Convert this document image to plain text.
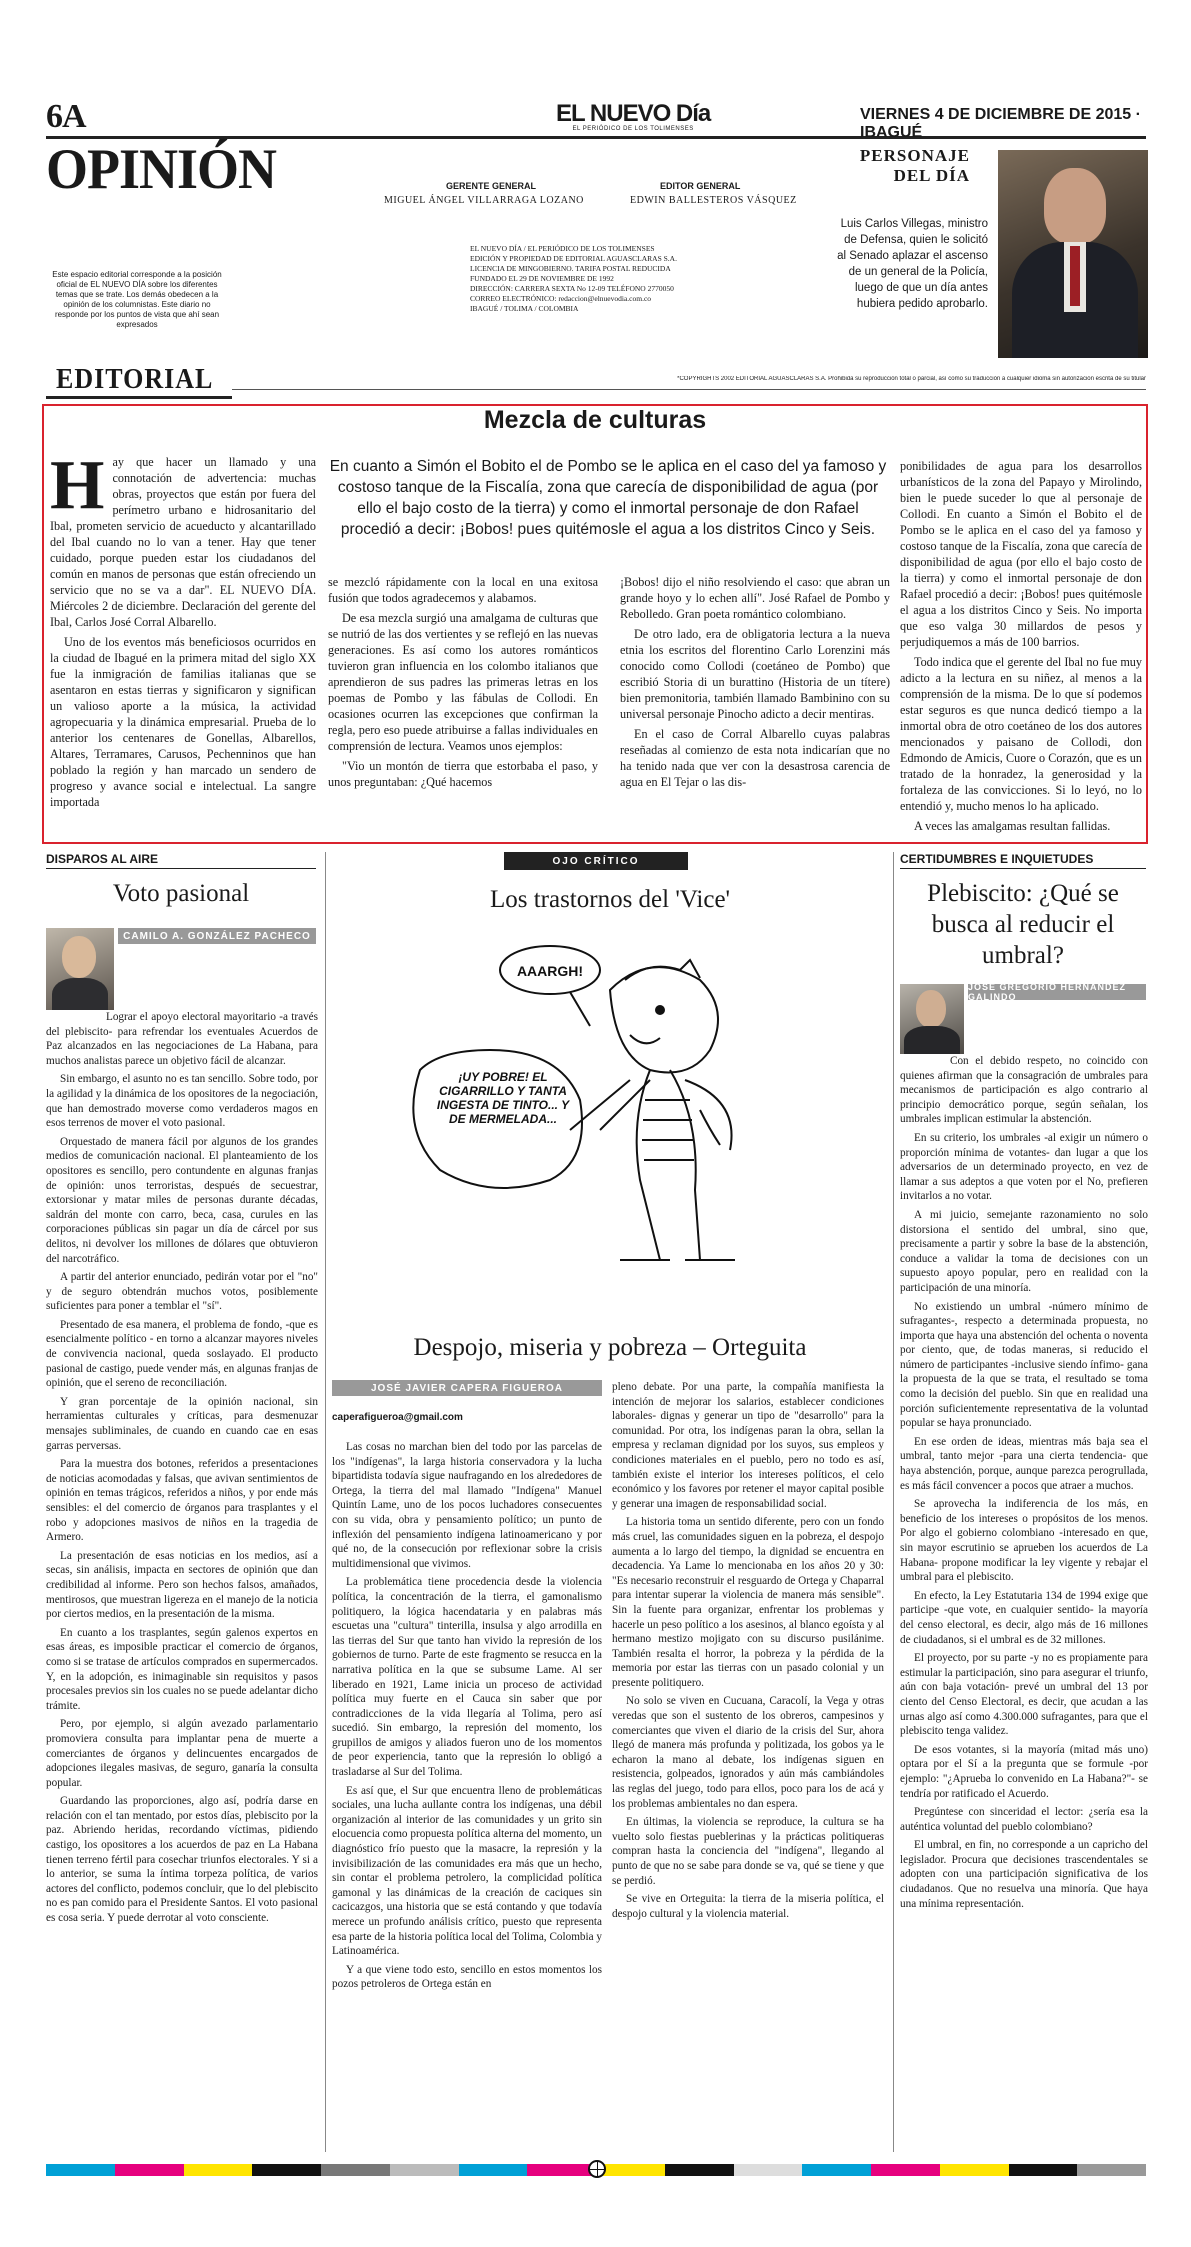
6A	EL NUEVO Día
EL PERIÓDICO DE LOS TOLIMENSES
VIERNES 4 DE DICIEMBRE DE 2015 · IBAGUÉ
OPINIÓN	GERENTE GENERAL
MIGUEL ÁNGEL VILLARRAGA LOZANO
EDITOR GENERAL
EDWIN BALLESTEROS VÁSQUEZ
EL NUEVO DÍA / EL PERIÓDICO DE LOS TOLIMENSES
EDICIÓN Y PROPIEDAD DE EDITORIAL AGUASCLARAS S.A.
LICENCIA DE MINGOBIERNO. TARIFA POSTAL REDUCIDA
FUNDADO EL 29 DE NOVIEMBRE DE 1992
DIRECCIÓN: CARRERA SEXTA No 12-09 TELÉFONO 2770050
CORREO ELECTRÓNICO: redaccion@elnuevodia.com.co
IBAGUÉ / TOLIMA / COLOMBIA
Este espacio editorial corresponde a la posición oficial de EL NUEVO DÍA sobre los diferentes temas que se trate. Los demás obedecen a la opinión de los columnistas. Este diario no responde por los puntos de vista que ahí sean expresados
PERSONAJE DEL DÍA
Luis Carlos Villegas, ministro de Defensa, quien le solicitó al Senado aplazar el ascenso de un general de la Policía, luego de que un día antes hubiera pedido aprobarlo.
EDITORIAL	*COPYRIGHTS 2002 EDITORIAL AGUASCLARAS S.A. Prohibida su reproducción total o parcial, así como su traducción a cualquier idioma sin autorización escrita de su titular
Mezcla de culturas
H ay que hacer un llamado y una connotación de advertencia: muchas obras, proyectos que están por fuera del perímetro urbano e hidrosanitario del Ibal, prometen servicio de acueducto y alcantarillado del Ibal cuando no lo van a tener. Hay que tener cuidado, porque pueden estar los ciudadanos del común en manos de personas que están ofreciendo un servicio que no se va a dar". EL NUEVO DÍA. Miércoles 2 de diciembre. Declaración del gerente del Ibal, Carlos José Corral Albarello.

Uno de los eventos más beneficiosos ocurridos en la ciudad de Ibagué en la primera mitad del siglo XX fue la inmigración de familias italianas que se asentaron en estas tierras y significaron y significan un valioso aporte a la música, la actividad agropecuaria y la dinámica empresarial. Prueba de lo anterior los centenares de Gonellas, Albarellos, Altares, Terramares, Carusos, Pechenninos que han poblado la región y han marcado un sendero de progreso y avance social e intelectual. La sangre importada

En cuanto a Simón el Bobito el de Pombo se le aplica en el caso del ya famoso y costoso tanque de la Fiscalía, zona que carecía de disponibilidad de agua (por ello el bajo costo de la tierra) y como el inmortal personaje de don Rafael procedió a decir: ¡Bobos! pues quitémosle el agua a los distritos Cinco y Seis.

se mezcló rápidamente con la local en una exitosa fusión que todos agradecemos y alabamos.

De esa mezcla surgió una amalgama de culturas que se nutrió de las dos vertientes y se reflejó en las nuevas generaciones. Es así como los autores románticos tuvieron gran influencia en los colombo italianos que aprendieron de sus padres las primeras letras en los poemas de Pombo y las fábulas de Collodi. En ocasiones ocurren las excepciones que confirman la regla, pero eso puede atribuirse a fallas individuales en comprensión de lectura. Veamos unos ejemplos:

"Vio un montón de tierra que estorbaba el paso, y unos preguntaban: ¿Qué hacemos

¡Bobos! dijo el niño resolviendo el caso: que abran un grande hoyo y lo echen allí". José Rafael de Pombo y Rebolledo. Gran poeta romántico colombiano.

De otro lado, era de obligatoria lectura a la nueva etnia los escritos del florentino Carlo Lorenzini más conocido como Collodi (coetáneo de Pombo) que escribió Storia di un burattino (Historia de un títere) bien premonitoria, también llamado Bambinino con su universal personaje Pinocho adicto a decir mentiras.

En el caso de Corral Albarello cuyas palabras reseñadas al comienzo de esta nota indicarían que no ha tenido nada que ver con la desastrosa carencia de agua en El Tejar o las dis-

ponibilidades de agua para los desarrollos urbanísticos de la zona del Papayo y Mirolindo, bien le puede suceder lo que al personaje de Collodi. En cuanto a Simón el Bobito el de Pombo se le aplica en el caso del ya famoso y costoso tanque de la Fiscalía, zona que carecía de disponibilidad de agua (por ello el bajo costo de la tierra) y como el inmortal personaje de don Rafael procedió a decir: ¡Bobos! pues quitémosle el agua a los distritos Cinco y Seis. No importa que eso valga 30 millardos de pesos y perjudiquemos a más de 100 barrios.

Todo indica que el gerente del Ibal no fue muy adicto a la lectura en su niñez, al menos a la comprensión de la misma. De lo que sí podemos estar seguros es que nunca dedicó tiempo a la inmortal obra de otro coetáneo de los dos autores mencionados y paisano de Collodi, don Edmondo de Amicis, Cuore o Corazón, que es un tratado de la honradez, la generosidad y la fortaleza de las convicciones. Si lo leyó, no lo entendió y, mucho menos lo ha aplicado.

A veces las amalgamas resultan fallidas.

DISPAROS AL AIRE
Voto pasional
CAMILO A. GONZÁLEZ PACHECO

Lograr el apoyo electoral mayoritario -a través del plebiscito- para refrendar los eventuales Acuerdos de Paz alcanzados en las negociaciones de La Habana, para muchos analistas parece un objetivo fácil de alcanzar.

Sin embargo, el asunto no es tan sencillo. Sobre todo, por la agilidad y la dinámica de los opositores de la negociación, que han demostrado moverse como verdaderos magos en esos terrenos de mover el voto pasional.

Orquestado de manera fácil por algunos de los grandes medios de comunicación nacional. El planteamiento de los opositores es sencillo, pero contundente en algunas franjas de opinión: unos terroristas, después de secuestrar, extorsionar y matar miles de personas durante décadas, saldrán del monte con carro, beca, casa, curules en las corporaciones públicas sin pagar un día de cárcel por sus delitos, ni devolver los millones de dólares que obtuvieron del narcotráfico.

A partir del anterior enunciado, pedirán votar por el "no" y de seguro obtendrán muchos votos, posiblemente suficientes para poner a temblar el "sí".

Presentado de esa manera, el problema de fondo, -que es esencialmente político - en torno a alcanzar mayores niveles de convivencia nacional, queda soslayado. El producto pasional de castigo, puede vender más, en algunas franjas de opinión, que el sereno de reconciliación.

Y gran porcentaje de la opinión nacional, sin herramientas culturales y críticas, para desmenuzar mensajes subliminales, de cuando en cuando cae en esas garras perversas.

Para la muestra dos botones, referidos a presentaciones de noticias acomodadas y falsas, que avivan sentimientos de opinión en temas trágicos, referidos a niños, y por ende más sensibles: el del comercio de órganos para trasplantes y el robo y adopciones masivos de niños en la tragedia de Armero.

La presentación de esas noticias en los medios, así a secas, sin análisis, impacta en sectores de opinión que dan credibilidad al informe. Pero son hechos falsos, amañados, mentirosos, que muestran ligereza en el manejo de la noticia por ciertos medios, en la presentación de la misma.

En cuanto a los trasplantes, según galenos expertos en esas áreas, es imposible practicar el comercio de órganos, como si se tratase de artículos comprados en supermercados. Y, en la adopción, es inimaginable sin requisitos y pasos procesales previos sin los cuales no se puede adelantar dicho trámite.

Pero, por ejemplo, si algún avezado parlamentario promoviera consulta para implantar pena de muerte a comerciantes de órganos y delincuentes encargados de adopciones ilegales masivas, de seguro, ganaría la consulta popular.

Guardando las proporciones, algo así, podría darse en relación con el tan mentado, por estos días, plebiscito por la paz. Abriendo heridas, recordando víctimas, pidiendo castigo, los opositores a los acuerdos de paz en La Habana tienen terreno fértil para cosechar triunfos electorales. Y si a lo anterior, se suma la íntima torpeza política, de varios actores del conflicto, podemos concluir, que lo del plebiscito no es pan comido para el Presidente Santos. El voto pasional es cosa seria. Y puede derrotar al voto consciente.

OJO CRÍTICO
Los trastornos del 'Vice'
AAARGH!
¡UY POBRE! EL CIGARRILLO Y TANTA INGESTA DE TINTO... Y DE MERMELADA...
Despojo, miseria y pobreza – Orteguita
JOSÉ JAVIER CAPERA FIGUEROA
caperafigueroa@gmail.com

Las cosas no marchan bien del todo por las parcelas de los "indígenas", la larga historia conservadora y la lucha bipartidista todavía sigue naufragando en los alrededores de Ortega, la tierra del mal llamado "Indígena" Manuel Quintín Lame, uno de los pocos luchadores consecuentes con su vida, obra y pensamiento político; un punto de inflexión del pensamiento indígena latinoamericano y por qué no, de la consecución por reflexionar sobre la crisis multidimensional que vivimos.

La problemática tiene procedencia desde la violencia política, la concentración de la tierra, el gamonalismo politiquero, la lógica hacendataria y en palabras más escuetas una "cultura" tinterilla, insulsa y algo arrodilla en las tierras del Sur que tanto han vivido la represión de los gobiernos de turno. Parte de este fragmento se resucca en la narrativa política en la que se subsume Lame. Al ser liberado en 1921, Lame inicia un proceso de actividad política muy fuerte en el Cauca sin saber que por contradicciones de la vida llegaría al Tolima, pero así sucedió. Sin embargo, la represión del momento, los grupillos de amigos y aliados fueron uno de los momentos de peor experiencia, tanto que la represión lo obligó a trasladarse al Sur del Tolima.

Es así que, el Sur que encuentra lleno de problemáticas sociales, una lucha aullante contra los indígenas, una débil organización al interior de las comunidades y un grito sin elocuencia como propuesta política alterna del momento, un diagnóstico frío puesto que la masacre, la represión y la invisibilización de las comunidades era más que un hecho, sin contar el problema petrolero, la complicidad política gamonal y las dinámicas de la creación de caciques sin cacicazgos, una historia que se está contando y que todavía merece un profundo análisis crítico, puesto que representa esa parte de la historia política local del Tolima, Colombia y Latinoamérica.

Y a que viene todo esto, sencillo en estos momentos los pozos petroleros de Ortega están en

pleno debate. Por una parte, la compañía manifiesta la intención de mejorar los salarios, establecer condiciones laborales- dignas y generar un tipo de "desarrollo" para la comunidad. Por otra, los indígenas paran la obra, sellan la empresa y reclaman dignidad por los suyos, sus empleos y condiciones materiales en el pueblo, pero no todo es así, también existe el interior los intereses políticos, el celo económico y los favores por retener el mayor capital posible y generar una imagen de responsabilidad social.

La historia toma un sentido diferente, pero con un fondo más cruel, las comunidades siguen en la pobreza, el despojo aumenta a lo largo del tiempo, la dignidad se encuentra en decadencia. Ya Lame lo mencionaba en los años 20 y 30: "Es necesario reconstruir el resguardo de Ortega y Chaparral para intentar superar la violencia de manera más sensible". Sin la fuente para organizar, enfrentar los problemas y hacerle un peso político a los asesinos, al blanco egoísta y al hermano mestizo mojigato con su discurso pusilánime. También resalta el horror, la pobreza y la pérdida de la memoria por estar las tierras con un pasado colonial y un presente politiquero.

No solo se viven en Cucuana, Caracolí, la Vega y otras veredas que son el sustento de los obreros, campesinos y comerciantes que viven el diario de la crisis del Sur, ahora llegó de manera más profunda y politizada, los gobos ya le echaron la mano al debate, los indígenas siguen en resistencia, golpeados, ignorados y aún más cambiándoles las reglas del juego, todo para ellos, poco para los de acá y los problemas ambientales no dan espera.

En últimas, la violencia se reproduce, la cultura se ha vuelto solo fiestas pueblerinas y la prácticas politiqueras compran hasta la conciencia del "indígena", llegando al punto de que no se sabe para donde se va, qué se tiene y que se perdió.

Se vive en Orteguita: la tierra de la miseria política, el despojo cultural y la violencia material.

CERTIDUMBRES E INQUIETUDES
Plebiscito: ¿Qué se busca al reducir el umbral?
JOSÉ GREGORIO HERNÁNDEZ GALINDO

Con el debido respeto, no coincido con quienes afirman que la consagración de umbrales para mecanismos de participación es algo contrario al principio democrático porque, según señalan, los umbrales implican estimular la abstención.

En su criterio, los umbrales -al exigir un número o proporción mínima de votantes- dan lugar a que los adversarios de un determinado proyecto, en vez de llamar a sus adeptos a que voten por el No, prefieren invitarlos a no votar.

A mi juicio, semejante razonamiento no solo distorsiona el sentido del umbral, sino que, precisamente a partir y sobre la base de la abstención, conduce a validar la toma de decisiones con un supuesto apoyo popular, pero en realidad con la participación de una minoría.

No existiendo un umbral -número mínimo de sufragantes-, respecto a determinada propuesta, no importa que haya una abstención del ochenta o noventa por ciento, que, de todas maneras, si reducido el número de participantes -inclusive siendo ínfimo- gana la propuesta de la que se trata, el resultado se toma como la decisión del pueblo. Sin que en realidad una porción suficientemente representativa de la voluntad popular se haya pronunciado.

En ese orden de ideas, mientras más baja sea el umbral, tanto mejor -para una cierta tendencia- que haya abstención, porque, aunque parezca perogrullada, es más fácil convencer a pocos que atraer a muchos.

Se aprovecha la indiferencia de los más, en beneficio de los intereses o propósitos de los menos. Por algo el gobierno colombiano -interesado en que, sin mayor escrutinio se aprueben los acuerdos de La Habana- propone modificar la ley vigente y rebajar el umbral para el plebiscito.

En efecto, la Ley Estatutaria 134 de 1994 exige que participe -que vote, en cualquier sentido- la mayoría del censo electoral, es decir, algo más de 16 millones de ciudadanos, si el umbral es de 32 millones.

El proyecto, por su parte -y no es propiamente para estimular la participación, sino para asegurar el triunfo, aún con baja votación- prevé un umbral del 13 por ciento del Censo Electoral, es decir, que acudan a las urnas algo así como 4.300.000 sufragantes, para que el plebiscito tenga validez.

De esos votantes, si la mayoría (mitad más uno) optara por el Sí a la pregunta que se formule -por ejemplo: "¿Aprueba lo convenido en La Habana?"- se tendría por ratificado el Acuerdo.

Pregúntese con sinceridad el lector: ¿sería esa la auténtica voluntad del pueblo colombiano?

El umbral, en fin, no corresponde a un capricho del legislador. Procura que decisiones trascendentales se adopten con una participación significativa de los ciudadanos. Que no resuelva una minoría. Que haya una mínima representación.
